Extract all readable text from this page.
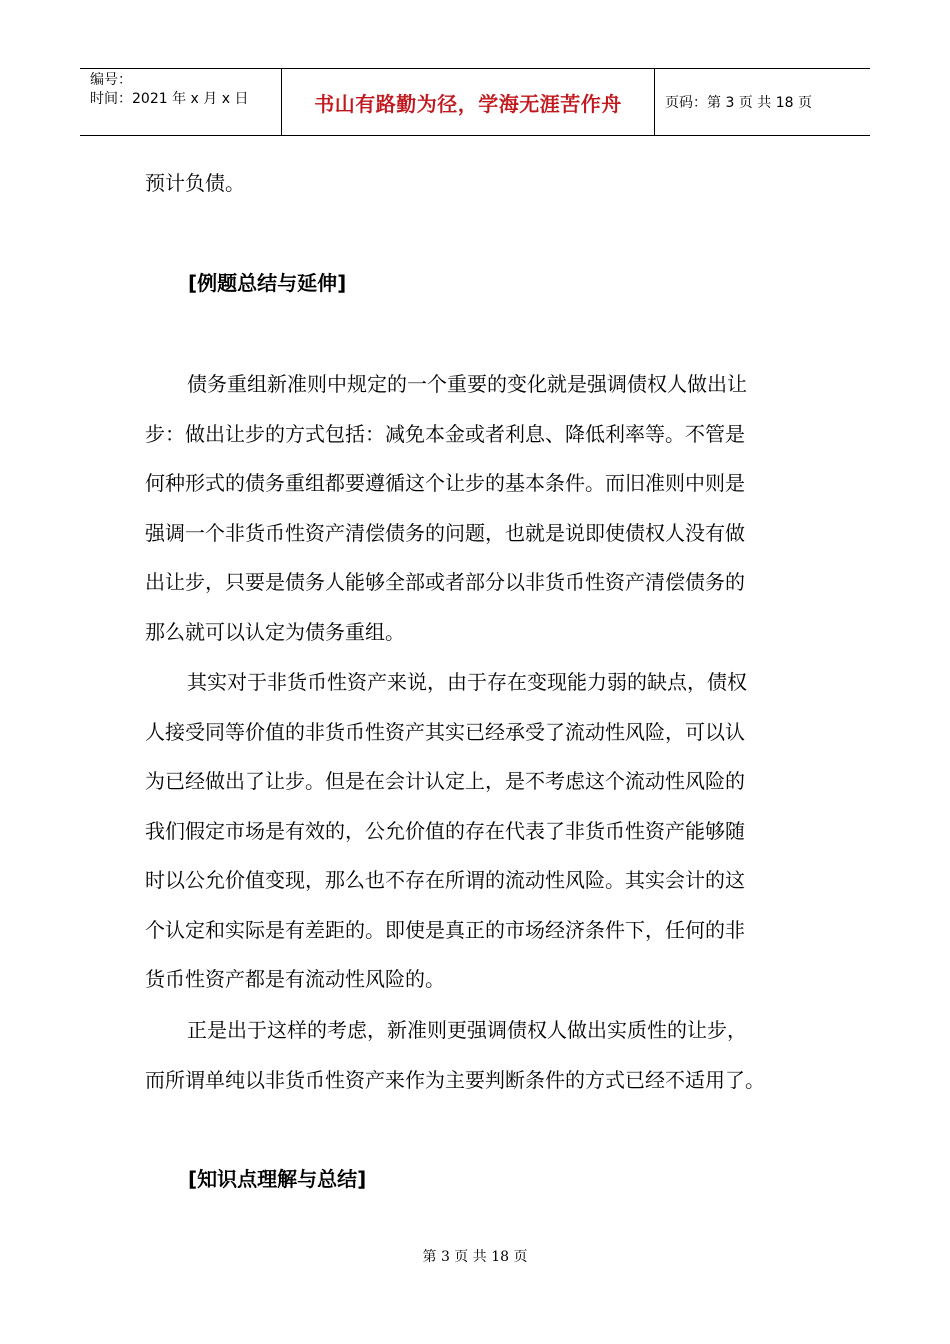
编号：
时间：2021 年 x 月 x 日	书山有路勤为径，学海无涯苦作舟	页码：第 3 页 共 18 页
预计负债。
[例题总结与延伸]
债务重组新准则中规定的一个重要的变化就是强调债权人做出让
步：做出让步的方式包括：减免本金或者利息、降低利率等。不管是
何种形式的债务重组都要遵循这个让步的基本条件。而旧准则中则是
强调一个非货币性资产清偿债务的问题，也就是说即使债权人没有做
出让步，只要是债务人能够全部或者部分以非货币性资产清偿债务的
那么就可以认定为债务重组。
其实对于非货币性资产来说，由于存在变现能力弱的缺点，债权
人接受同等价值的非货币性资产其实已经承受了流动性风险，可以认
为已经做出了让步。但是在会计认定上，是不考虑这个流动性风险的
我们假定市场是有效的，公允价值的存在代表了非货币性资产能够随
时以公允价值变现，那么也不存在所谓的流动性风险。其实会计的这
个认定和实际是有差距的。即使是真正的市场经济条件下，任何的非
货币性资产都是有流动性风险的。
正是出于这样的考虑，新准则更强调债权人做出实质性的让步，
而所谓单纯以非货币性资产来作为主要判断条件的方式已经不适用了。
[知识点理解与总结]
第 3 页 共 18 页
